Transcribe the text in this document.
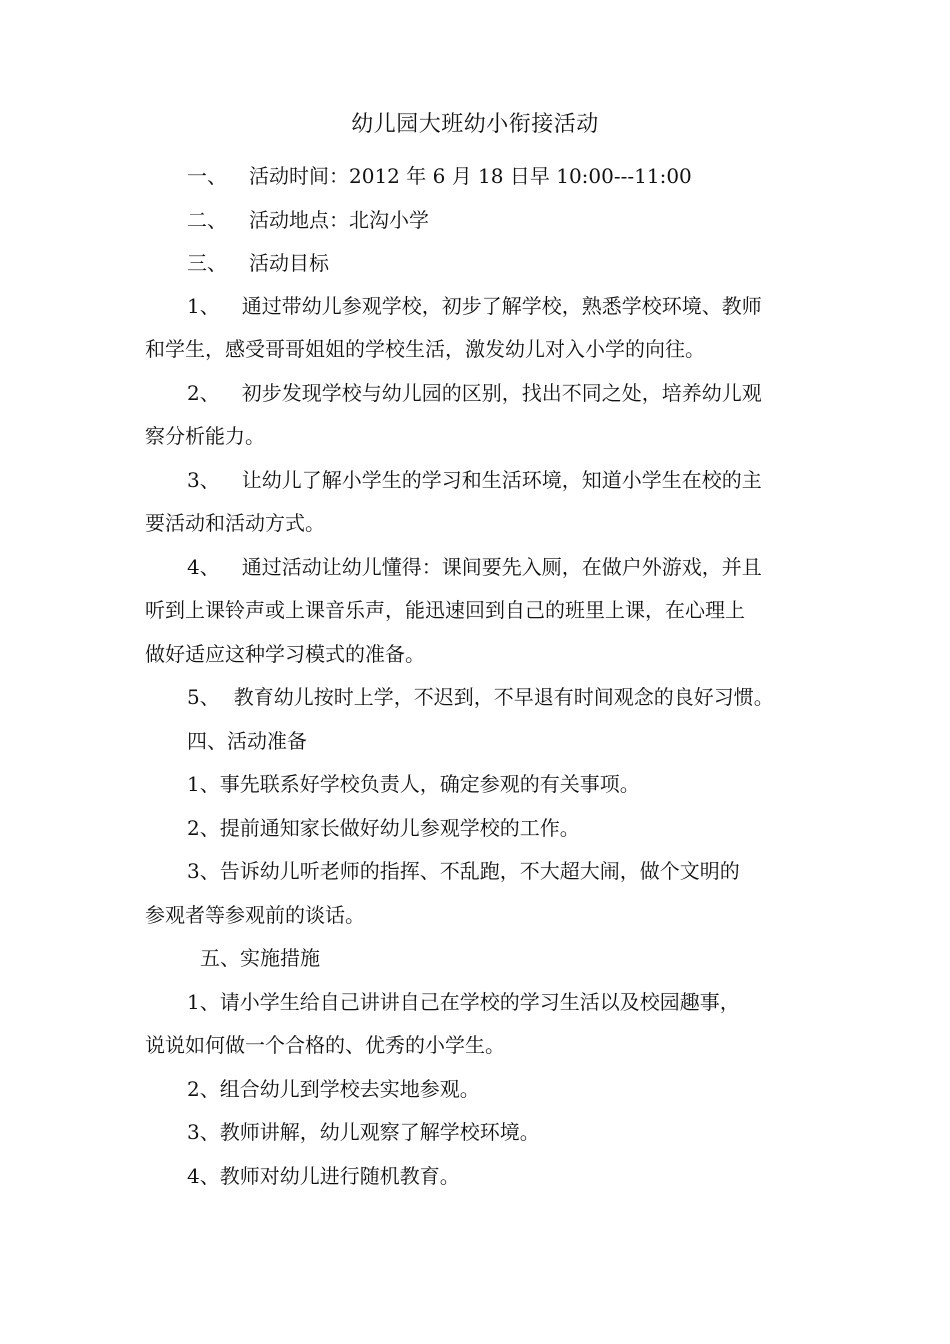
幼儿园大班幼小衔接活动
一、 活动时间：2012 年 6 月 18 日早 10:00---11:00
二、 活动地点：北沟小学
三、 活动目标
1、 通过带幼儿参观学校，初步了解学校，熟悉学校环境、教师
和学生，感受哥哥姐姐的学校生活，激发幼儿对入小学的向往。
2、 初步发现学校与幼儿园的区别，找出不同之处，培养幼儿观
察分析能力。
3、 让幼儿了解小学生的学习和生活环境，知道小学生在校的主
要活动和活动方式。
4、 通过活动让幼儿懂得：课间要先入厕，在做户外游戏，并且
听到上课铃声或上课音乐声，能迅速回到自己的班里上课，在心理上
做好适应这种学习模式的准备。
5、 教育幼儿按时上学，不迟到，不早退有时间观念的良好习惯。
四、活动准备
1、事先联系好学校负责人，确定参观的有关事项。
2、提前通知家长做好幼儿参观学校的工作。
3、告诉幼儿听老师的指挥、不乱跑，不大超大闹，做个文明的
参观者等参观前的谈话。
五、实施措施
1、请小学生给自己讲讲自己在学校的学习生活以及校园趣事，
说说如何做一个合格的、优秀的小学生。
2、组合幼儿到学校去实地参观。
3、教师讲解，幼儿观察了解学校环境。
4、教师对幼儿进行随机教育。
